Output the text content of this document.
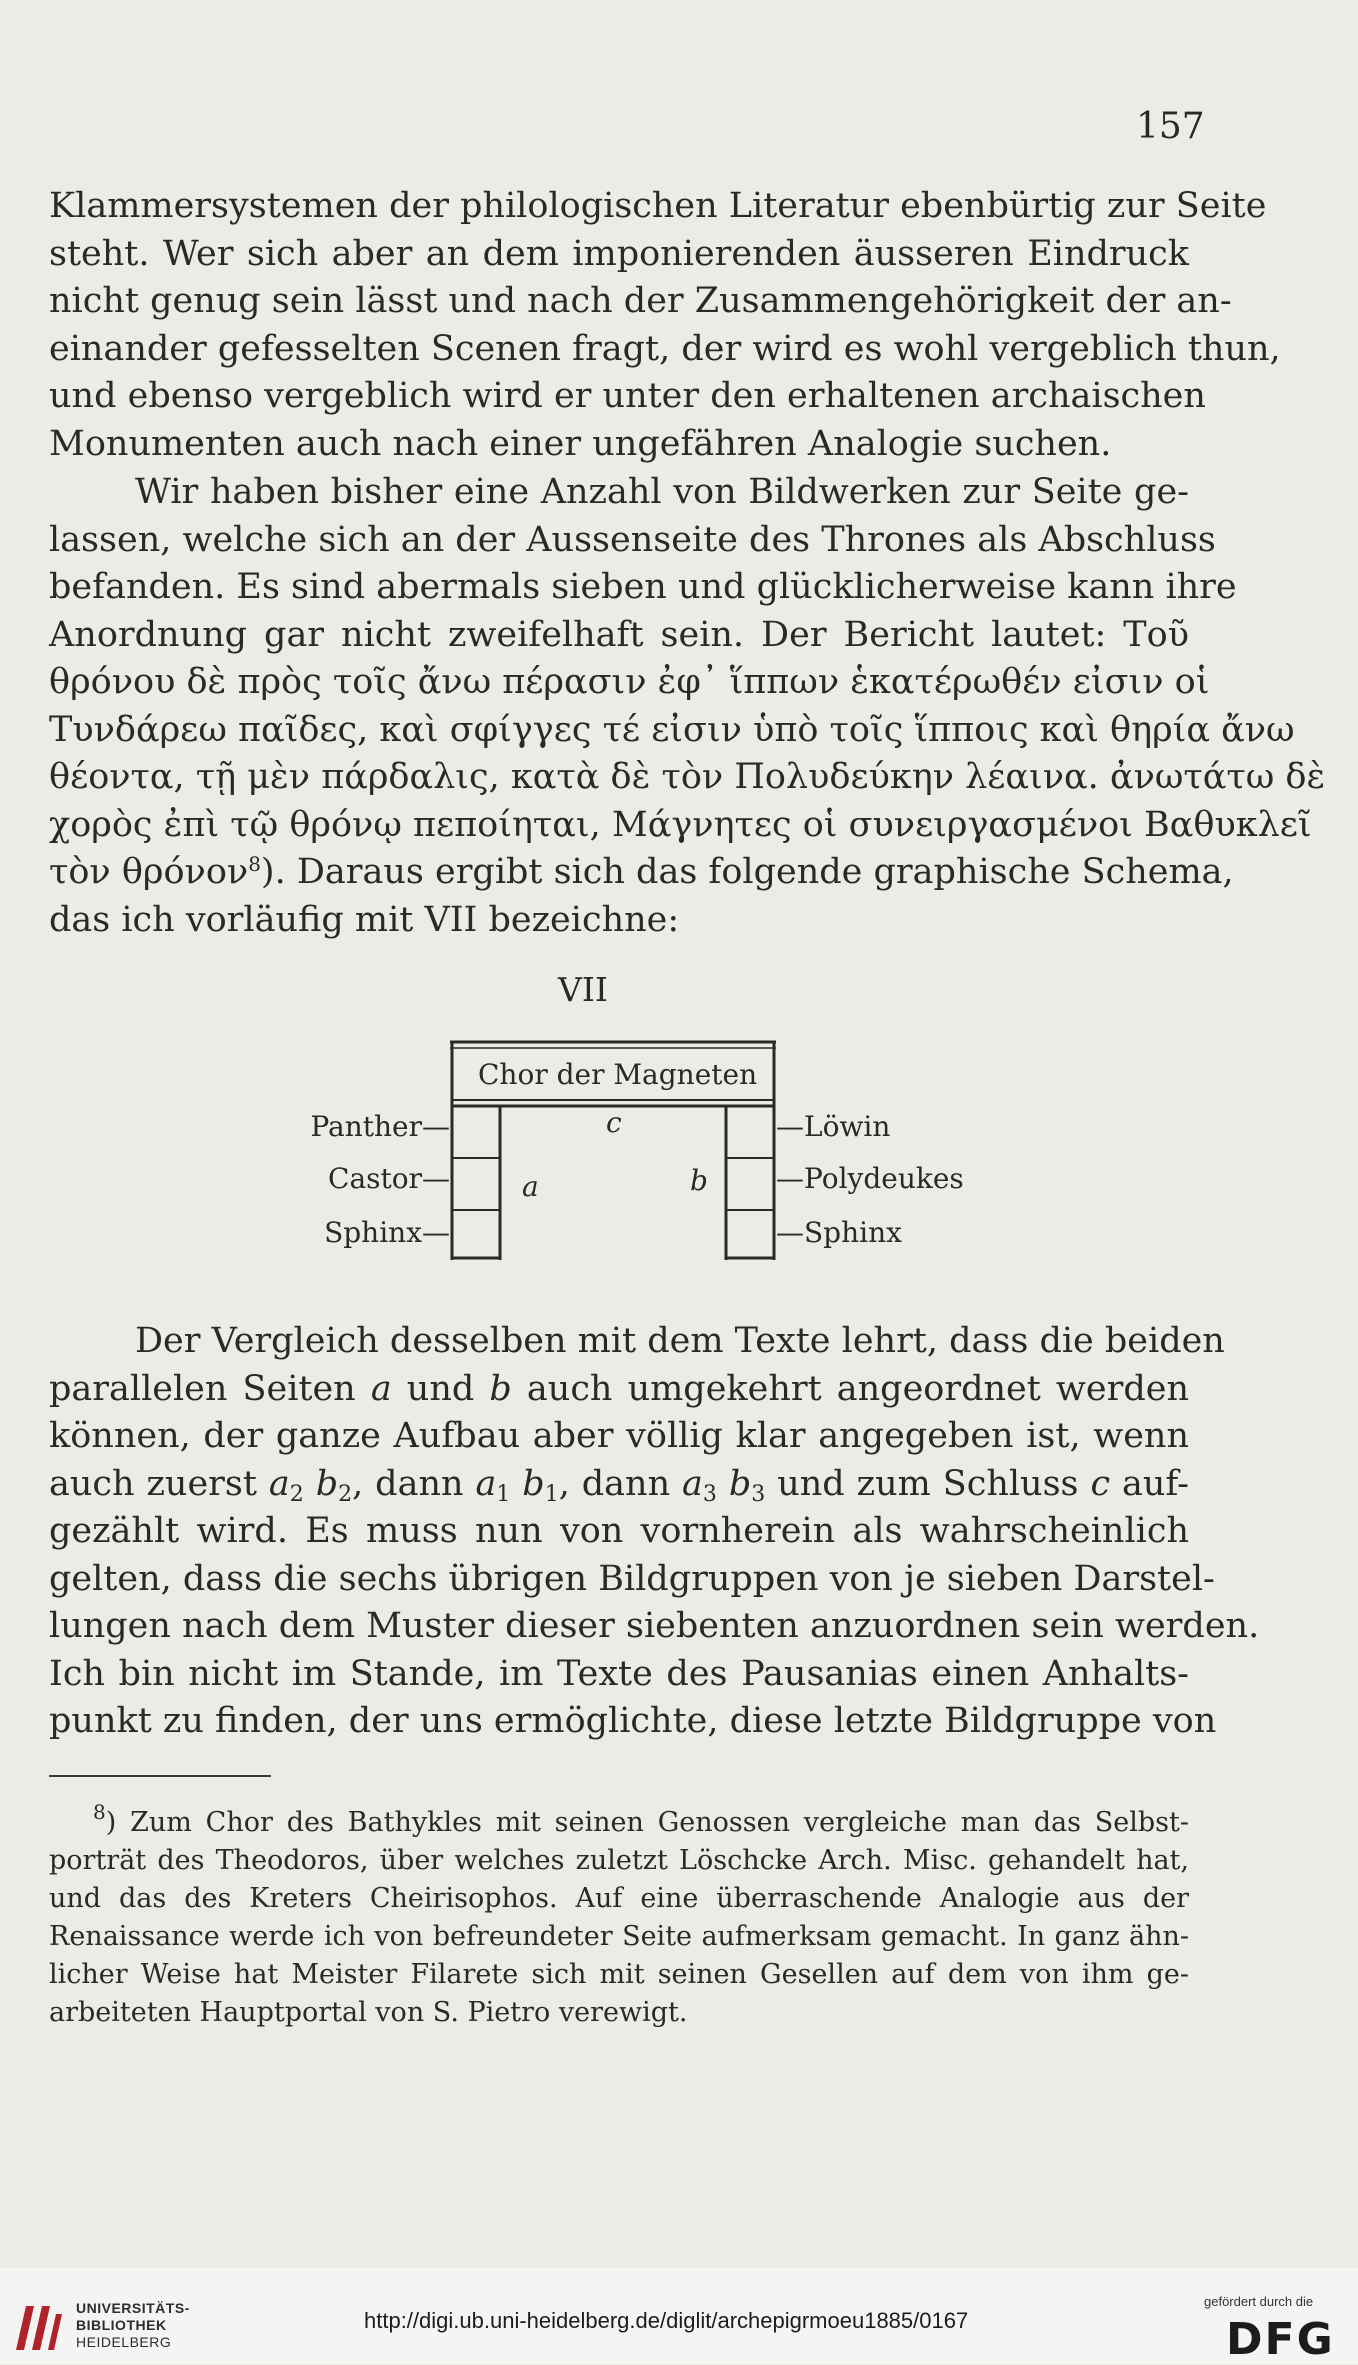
157
Klammersystemen der philologischen Literatur ebenbürtig zur Seite
steht. Wer sich aber an dem imponierenden äusseren Eindruck
nicht genug sein lässt und nach der Zusammengehörigkeit der an-
einander gefesselten Scenen fragt, der wird es wohl vergeblich thun,
und ebenso vergeblich wird er unter den erhaltenen archaischen
Monumenten auch nach einer ungefähren Analogie suchen.
Wir haben bisher eine Anzahl von Bildwerken zur Seite ge-
lassen, welche sich an der Aussenseite des Thrones als Abschluss
befanden. Es sind abermals sieben und glücklicherweise kann ihre
Anordnung gar nicht zweifelhaft sein. Der Bericht lautet: Τοῦ
θρόνου δὲ πρὸς τοῖς ἄνω πέρασιν ἐφ᾽ ἵππων ἑκατέρωθέν εἰσιν οἱ
Τυνδάρεω παῖδες, καὶ σφίγγες τέ εἰσιν ὑπὸ τοῖς ἵπποις καὶ θηρία ἄνω
θέοντα, τῇ μὲν πάρδαλις, κατὰ δὲ τὸν Πολυδεύκην λέαινα. ἀνωτάτω δὲ
χορὸς ἐπὶ τῷ θρόνῳ πεποίηται, Μάγνητες οἱ συνειργασμένοι Βαθυκλεῖ
τὸν θρόνον$^8$). Daraus ergibt sich das folgende graphische Schema,
das ich vorläufig mit VII bezeichne:
VII
Chor der Magneten
c
a	b
Panther—
Castor—
Sphinx—
—Löwin
—Polydeukes
—Sphinx
Der Vergleich desselben mit dem Texte lehrt, dass die beiden
parallelen Seiten a und b auch umgekehrt angeordnet werden
können, der ganze Aufbau aber völlig klar angegeben ist, wenn
auch zuerst $a_2$ $b_2$, dann $a_1$ $b_1$, dann $a_3$ $b_3$ und zum Schluss c auf-
gezählt wird. Es muss nun von vornherein als wahrscheinlich
gelten, dass die sechs übrigen Bildgruppen von je sieben Darstel-
lungen nach dem Muster dieser siebenten anzuordnen sein werden.
Ich bin nicht im Stande, im Texte des Pausanias einen Anhalts-
punkt zu finden, der uns ermöglichte, diese letzte Bildgruppe von
$^8$) Zum Chor des Bathykles mit seinen Genossen vergleiche man das Selbst-
porträt des Theodoros, über welches zuletzt Löschcke Arch. Misc. gehandelt hat,
und das des Kreters Cheirisophos. Auf eine überraschende Analogie aus der
Renaissance werde ich von befreundeter Seite aufmerksam gemacht. In ganz ähn-
licher Weise hat Meister Filarete sich mit seinen Gesellen auf dem von ihm ge-
arbeiteten Hauptportal von S. Pietro verewigt.
UNIVERSITÄTS-
BIBLIOTHEK
HEIDELBERG
http://digi.ub.uni-heidelberg.de/diglit/archepigrmoeu1885/0167
gefördert durch die
DFG
